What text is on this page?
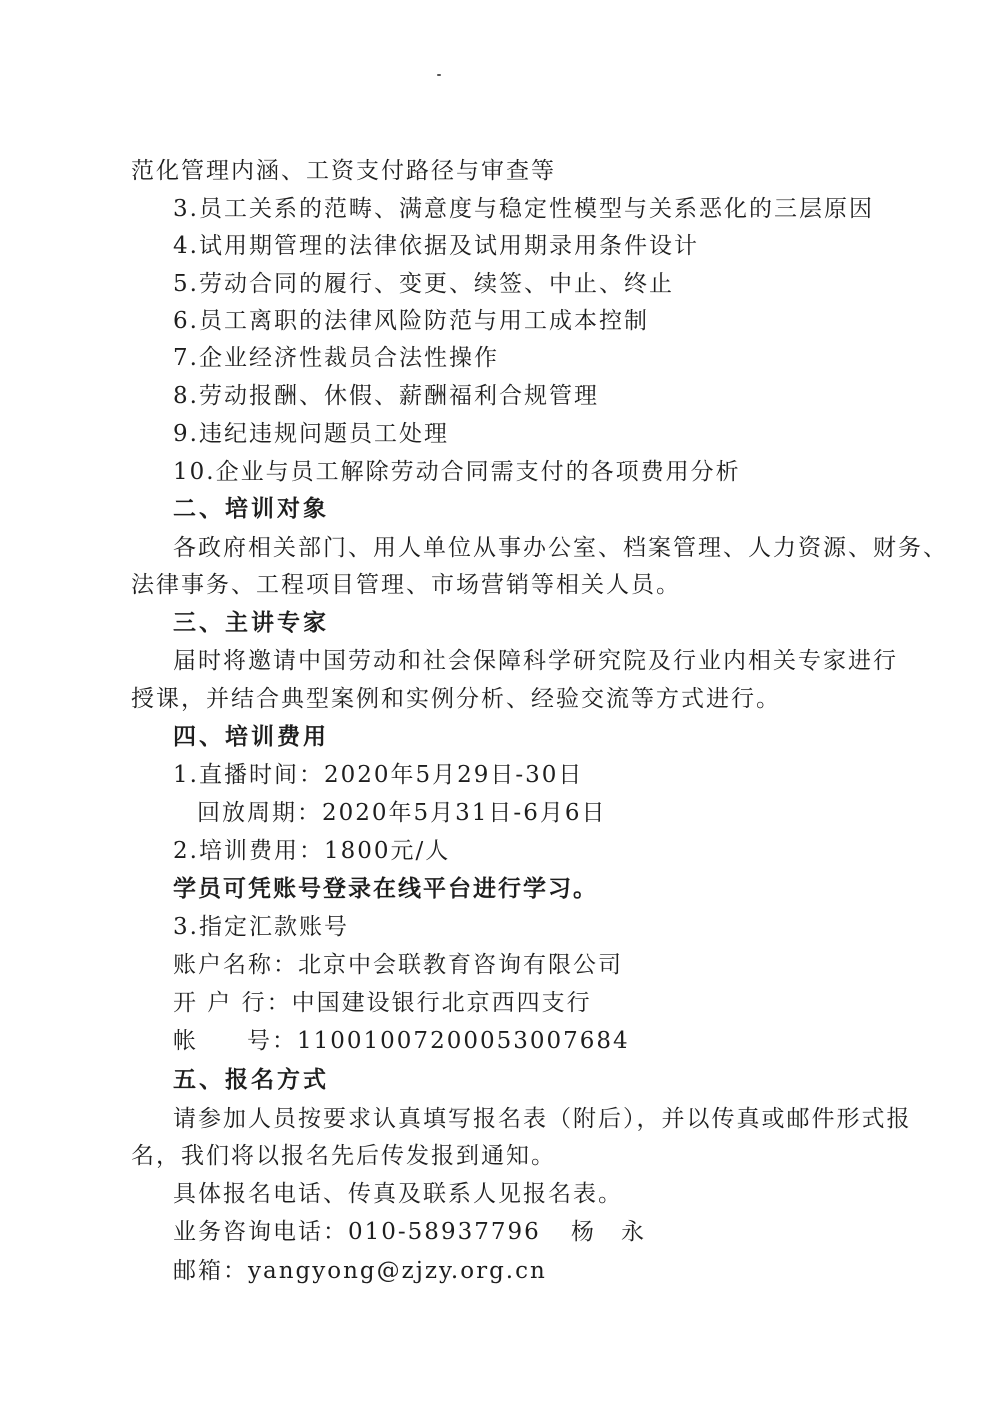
范化管理内涵、工资支付路径与审查等
3.员工关系的范畴、满意度与稳定性模型与关系恶化的三层原因
4.试用期管理的法律依据及试用期录用条件设计
5.劳动合同的履行、变更、续签、中止、终止
6.员工离职的法律风险防范与用工成本控制
7.企业经济性裁员合法性操作
8.劳动报酬、休假、薪酬福利合规管理
9.违纪违规问题员工处理
10.企业与员工解除劳动合同需支付的各项费用分析
二、培训对象
各政府相关部门、用人单位从事办公室、档案管理、人力资源、财务、
法律事务、工程项目管理、市场营销等相关人员。
三、主讲专家
届时将邀请中国劳动和社会保障科学研究院及行业内相关专家进行
授课，并结合典型案例和实例分析、经验交流等方式进行。
四、培训费用
1.直播时间：2020年5月29日-30日
回放周期：2020年5月31日-6月6日
2.培训费用：1800元/人
学员可凭账号登录在线平台进行学习。
3.指定汇款账号
账户名称：北京中会联教育咨询有限公司
开 户 行：中国建设银行北京西四支行
帐 号：11001007200053007684
五、报名方式
请参加人员按要求认真填写报名表（附后），并以传真或邮件形式报
名，我们将以报名先后传发报到通知。
具体报名电话、传真及联系人见报名表。
业务咨询电话：010-58937796 杨　永
邮箱：yangyong@zjzy.org.cn
